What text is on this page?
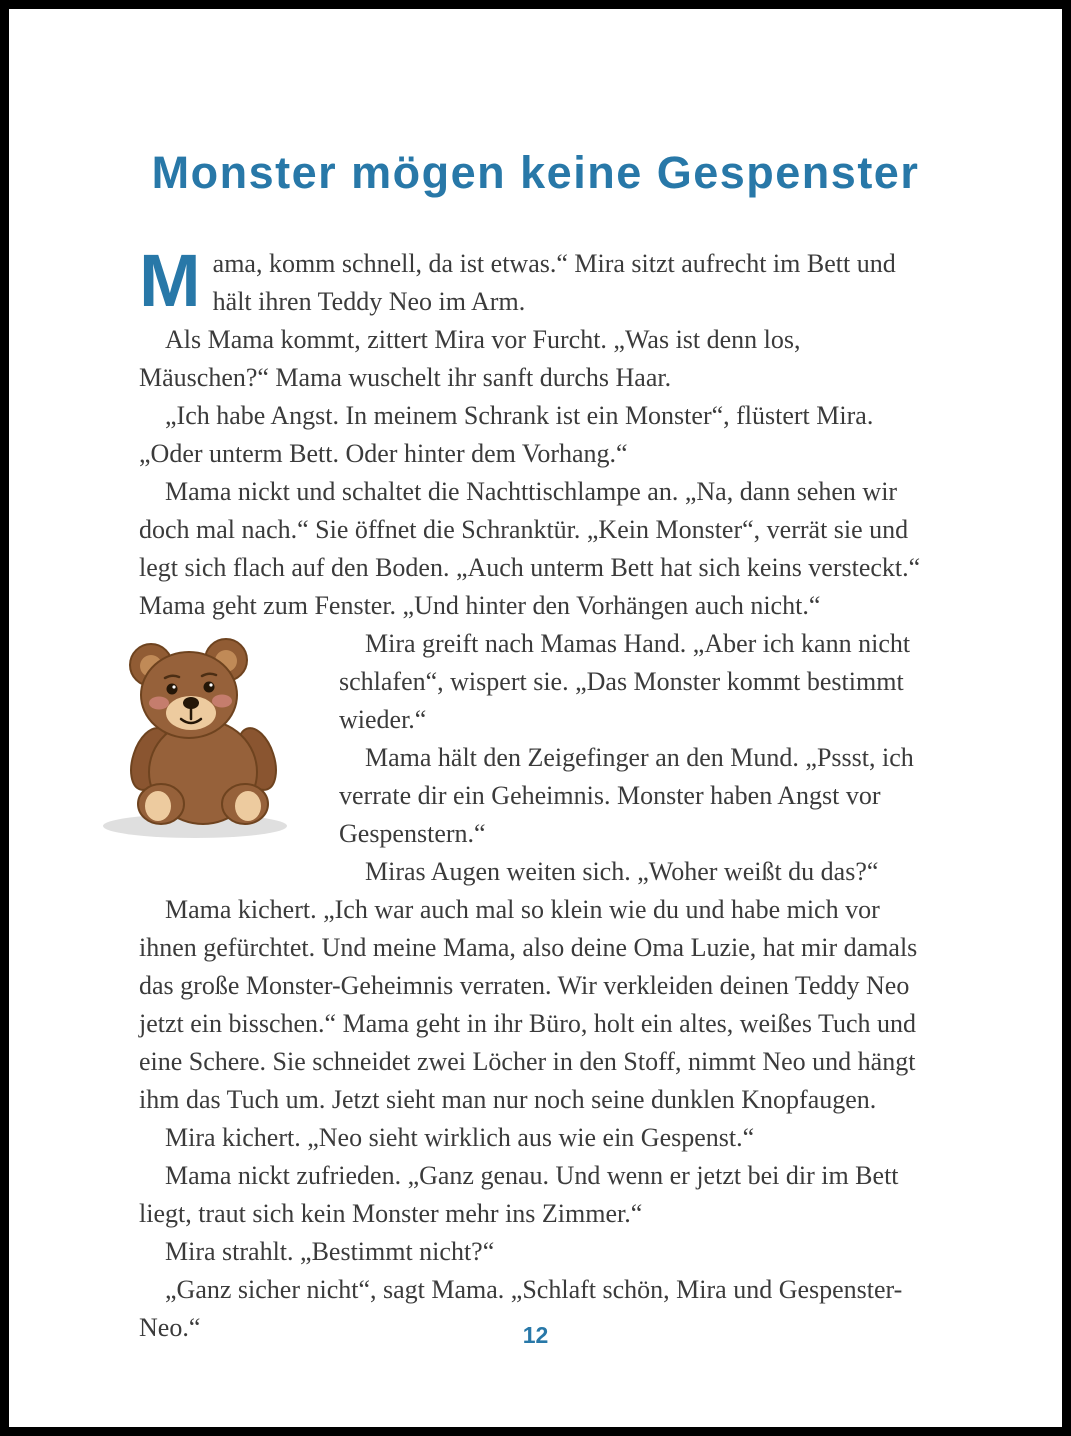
Monster mögen keine Gespenster

Mama, komm schnell, da ist etwas.“ Mira sitzt aufrecht im Bett und hält ihren Teddy Neo im Arm.

Als Mama kommt, zittert Mira vor Furcht. „Was ist denn los, Mäuschen?“ Mama wuschelt ihr sanft durchs Haar.

„Ich habe Angst. In meinem Schrank ist ein Monster“, flüstert Mira. „Oder unterm Bett. Oder hinter dem Vorhang.“

Mama nickt und schaltet die Nachttischlampe an. „Na, dann sehen wir doch mal nach.“ Sie öffnet die Schranktür. „Kein Monster“, verrät sie und legt sich flach auf den Boden. „Auch unterm Bett hat sich keins versteckt.“ Mama geht zum Fenster. „Und hinter den Vorhängen auch nicht.“

Mira greift nach Mamas Hand. „Aber ich kann nicht schlafen“, wispert sie. „Das Monster kommt bestimmt wieder.“

Mama hält den Zeigefinger an den Mund. „Pssst, ich verrate dir ein Geheimnis. Monster haben Angst vor Gespenstern.“

Miras Augen weiten sich. „Woher weißt du das?“

Mama kichert. „Ich war auch mal so klein wie du und habe mich vor ihnen gefürchtet. Und meine Mama, also deine Oma Luzie, hat mir damals das große Monster-Geheimnis verraten. Wir verkleiden deinen Teddy Neo jetzt ein bisschen.“ Mama geht in ihr Büro, holt ein altes, weißes Tuch und eine Schere. Sie schneidet zwei Löcher in den Stoff, nimmt Neo und hängt ihm das Tuch um. Jetzt sieht man nur noch seine dunklen Knopfaugen.

Mira kichert. „Neo sieht wirklich aus wie ein Gespenst.“

Mama nickt zufrieden. „Ganz genau. Und wenn er jetzt bei dir im Bett liegt, traut sich kein Monster mehr ins Zimmer.“

Mira strahlt. „Bestimmt nicht?“

„Ganz sicher nicht“, sagt Mama. „Schlaft schön, Mira und Gespenster-Neo.“	12
